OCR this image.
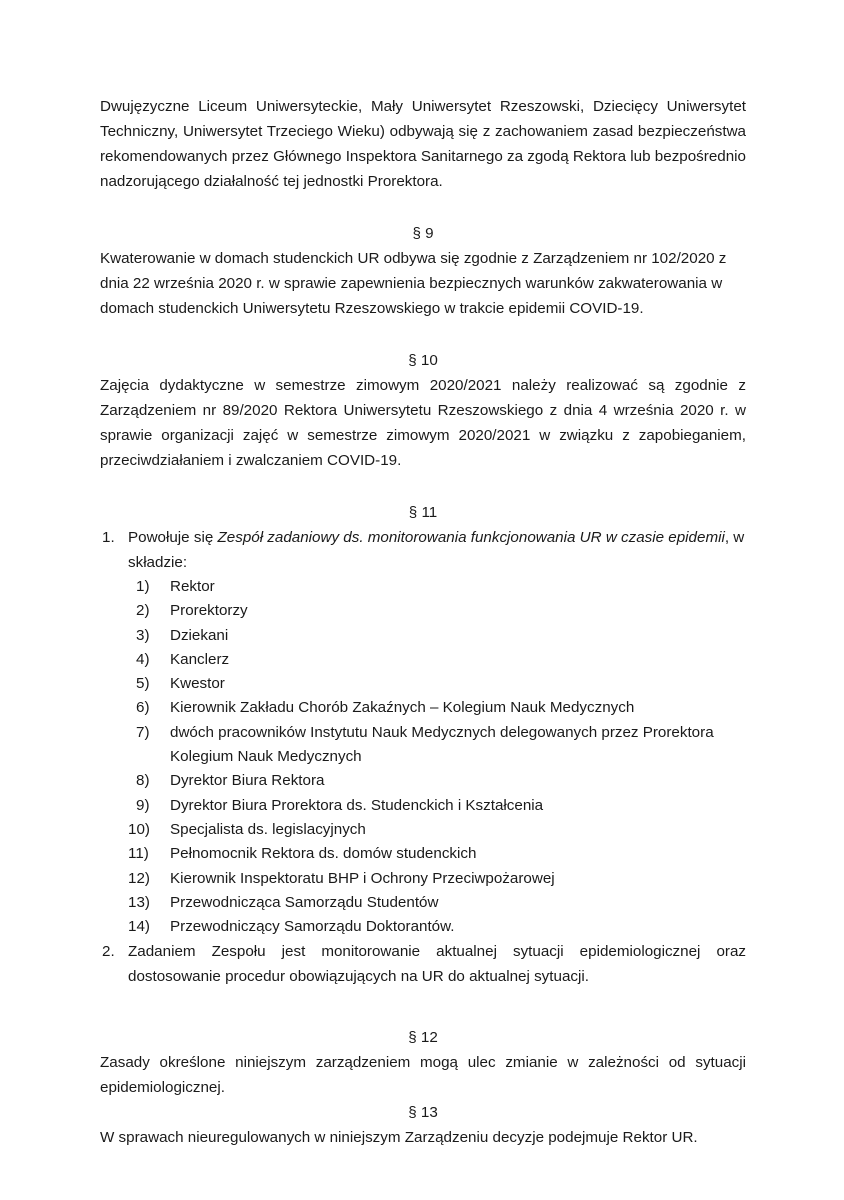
Dwujęzyczne Liceum Uniwersyteckie, Mały Uniwersytet Rzeszowski, Dziecięcy Uniwersytet Techniczny, Uniwersytet Trzeciego Wieku) odbywają się z zachowaniem zasad bezpieczeństwa rekomendowanych przez Głównego Inspektora Sanitarnego za zgodą Rektora lub bezpośrednio nadzorującego działalność tej jednostki Prorektora.

§ 9

Kwaterowanie w domach studenckich UR odbywa się zgodnie z Zarządzeniem nr 102/2020 z dnia 22 września 2020 r. w sprawie zapewnienia bezpiecznych warunków zakwaterowania w domach studenckich Uniwersytetu Rzeszowskiego w trakcie epidemii COVID-19.

§ 10

Zajęcia dydaktyczne w semestrze zimowym 2020/2021 należy realizować są zgodnie z Zarządzeniem nr 89/2020 Rektora Uniwersytetu Rzeszowskiego z dnia 4 września 2020 r. w sprawie organizacji zajęć w semestrze zimowym 2020/2021 w związku z zapobieganiem, przeciwdziałaniem i zwalczaniem COVID-19.

§ 11

1. Powołuje się Zespół zadaniowy ds. monitorowania funkcjonowania UR w czasie epidemii, w składzie:
1) Rektor
2) Prorektorzy
3) Dziekani
4) Kanclerz
5) Kwestor
6) Kierownik Zakładu Chorób Zakaźnych – Kolegium Nauk Medycznych
7) dwóch pracowników Instytutu Nauk Medycznych delegowanych przez Prorektora Kolegium Nauk Medycznych
8) Dyrektor Biura Rektora
9) Dyrektor Biura Prorektora ds. Studenckich i Kształcenia
10) Specjalista ds. legislacyjnych
11) Pełnomocnik Rektora ds. domów studenckich
12) Kierownik Inspektoratu BHP i Ochrony Przeciwpożarowej
13) Przewodnicząca Samorządu Studentów
14) Przewodniczący Samorządu Doktorantów.
2. Zadaniem Zespołu jest monitorowanie aktualnej sytuacji epidemiologicznej oraz dostosowanie procedur obowiązujących na UR do aktualnej sytuacji.

§ 12

Zasady określone niniejszym zarządzeniem mogą ulec zmianie w zależności od sytuacji epidemiologicznej.

§ 13

W sprawach nieuregulowanych w niniejszym Zarządzeniu decyzje podejmuje Rektor UR.
